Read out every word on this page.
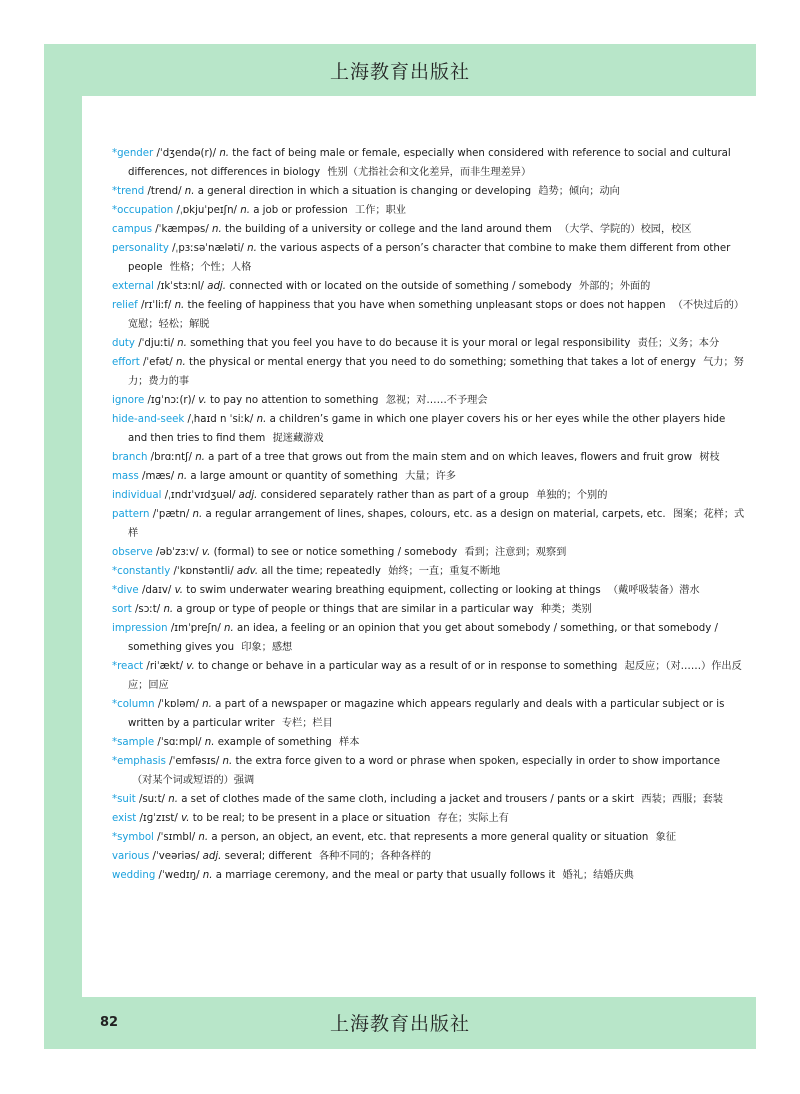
上海教育出版社

*gender /ˈdʒendə(r)/ n. the fact of being male or female, especially when considered with reference to social and cultural differences, not differences in biology 性别（尤指社会和文化差异，而非生理差异）

*trend /trend/ n. a general direction in which a situation is changing or developing 趋势；倾向；动向

*occupation /ˌɒkjuˈpeɪʃn/ n. a job or profession 工作；职业

campus /ˈkæmpəs/ n. the building of a university or college and the land around them （大学、学院的）校园，校区

personality /ˌpɜːsəˈnæləti/ n. the various aspects of a person’s character that combine to make them different from other people 性格；个性；人格

external /ɪkˈstɜːnl/ adj. connected with or located on the outside of something / somebody 外部的；外面的

relief /rɪˈliːf/ n. the feeling of happiness that you have when something unpleasant stops or does not happen （不快过后的）宽慰；轻松；解脱

duty /ˈdjuːti/ n. something that you feel you have to do because it is your moral or legal responsibility 责任；义务；本分

effort /ˈefət/ n. the physical or mental energy that you need to do something; something that takes a lot of energy 气力；努力；费力的事

ignore /ɪɡˈnɔː(r)/ v. to pay no attention to something 忽视；对……不予理会

hide-and-seek /ˌhaɪd n ˈsiːk/ n. a children’s game in which one player covers his or her eyes while the other players hide and then tries to find them 捉迷藏游戏

branch /brɑːntʃ/ n. a part of a tree that grows out from the main stem and on which leaves, flowers and fruit grow 树枝

mass /mæs/ n. a large amount or quantity of something 大量；许多

individual /ˌɪndɪˈvɪdʒuəl/ adj. considered separately rather than as part of a group 单独的；个别的

pattern /ˈpætn/ n. a regular arrangement of lines, shapes, colours, etc. as a design on material, carpets, etc. 图案；花样；式样

observe /əbˈzɜːv/ v. (formal) to see or notice something / somebody 看到；注意到；观察到

*constantly /ˈkɒnstəntli/ adv. all the time; repeatedly 始终；一直；重复不断地

*dive /daɪv/ v. to swim underwater wearing breathing equipment, collecting or looking at things （戴呼吸装备）潜水

sort /sɔːt/ n. a group or type of people or things that are similar in a particular way 种类；类别

impression /ɪmˈpreʃn/ n. an idea, a feeling or an opinion that you get about somebody / something, or that somebody / something gives you 印象；感想

*react /riˈækt/ v. to change or behave in a particular way as a result of or in response to something 起反应；（对……）作出反应；回应

*column /ˈkɒləm/ n. a part of a newspaper or magazine which appears regularly and deals with a particular subject or is written by a particular writer 专栏；栏目

*sample /ˈsɑːmpl/ n. example of something 样本

*emphasis /ˈemfəsɪs/ n. the extra force given to a word or phrase when spoken, especially in order to show importance （对某个词或短语的）强调

*suit /suːt/ n. a set of clothes made of the same cloth, including a jacket and trousers / pants or a skirt 西装；西服；套装

exist /ɪɡˈzɪst/ v. to be real; to be present in a place or situation 存在；实际上有

*symbol /ˈsɪmbl/ n. a person, an object, an event, etc. that represents a more general quality or situation 象征

various /ˈveəriəs/ adj. several; different 各种不同的；各种各样的

wedding /ˈwedɪŋ/ n. a marriage ceremony, and the meal or party that usually follows it 婚礼；结婚庆典

82	上海教育出版社
